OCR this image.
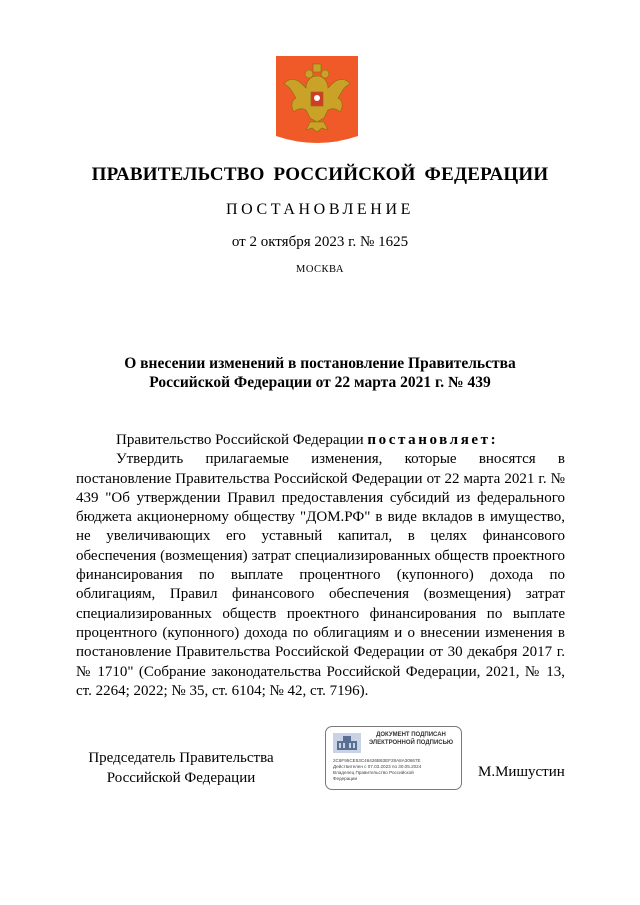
ПРАВИТЕЛЬСТВО РОССИЙСКОЙ ФЕДЕРАЦИИ
ПОСТАНОВЛЕНИЕ
от 2 октября 2023 г. № 1625
МОСКВА
О внесении изменений в постановление Правительства
Российской Федерации от 22 марта 2021 г. № 439
Правительство Российской Федерации постановляет:
Утвердить прилагаемые изменения, которые вносятся в постановление Правительства Российской Федерации от 22 марта 2021 г. № 439 "Об утверждении Правил предоставления субсидий из федерального бюджета акционерному обществу "ДОМ.РФ" в виде вкладов в имущество, не увеличивающих его уставный капитал, в целях финансового обеспечения (возмещения) затрат специализированных обществ проектного финансирования по выплате процентного (купонного) дохода по облигациям, Правил финансового обеспечения (возмещения) затрат специализированных обществ проектного финансирования по выплате процентного (купонного) дохода по облигациям и о внесении изменения в постановление Правительства Российской Федерации от 30 декабря 2017 г. № 1710" (Собрание законодательства Российской Федерации, 2021, № 13, ст. 2264; 2022; № 35, ст. 6104; № 42, ст. 7196).
Председатель Правительства
Российской Федерации
ДОКУМЕНТ ПОДПИСАН
ЭЛЕКТРОННОЙ ПОДПИСЬЮ
2C6F95CE53C46426B63EF28A8A30667E
Действителен с 07.03.2023 по 30.05.2024
Владелец Правительство Российской
Федерации	М.Мишустин
